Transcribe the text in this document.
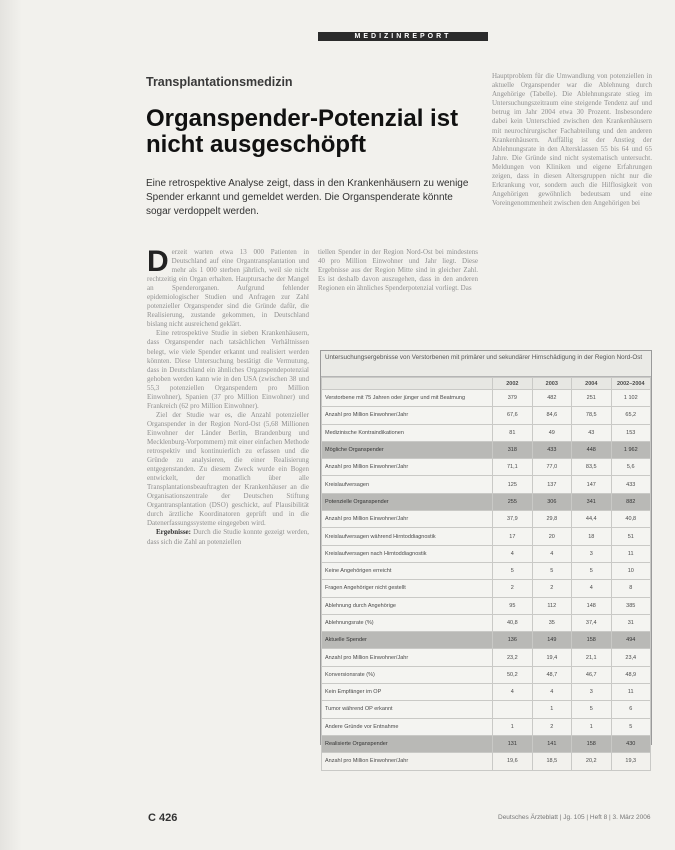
MEDIZINREPORT
Transplantationsmedizin
Organspender-Potenzial ist nicht ausgeschöpft
Eine retrospektive Analyse zeigt, dass in den Krankenhäusern zu wenige Spender erkannt und gemeldet werden. Die Organspenderate könnte sogar verdoppelt werden.

Hauptproblem für die Umwandlung von potenziellen in aktuelle Organspender war die Ablehnung durch Angehörige (Tabelle). Die Ablehnungsrate stieg im Untersuchungszeitraum eine steigende Tendenz auf und betrug im Jahr 2004 etwa 30 Prozent. Insbesondere dabei kein Unterschied zwischen den Krankenhäusern mit neurochirurgischer Fachabteilung und den anderen Krankenhäusern. Auffällig ist der Anstieg der Ablehnungsrate in den Altersklassen 55 bis 64 und 65 Jahre. Die Gründe sind nicht systematisch untersucht. Meldungen von Kliniken und eigene Erfahrungen zeigen, dass in diesen Altersgruppen nicht nur die Erkrankung vor, sondern auch die Hilflosigkeit von Angehörigen gewöhnlich bedeutsam und eine Voreingenommenheit zwischen den Angehörigen bei

Derzeit warten etwa 13 000 Patienten in Deutschland auf eine Organtransplantation und mehr als 1 000 sterben jährlich, weil sie nicht rechtzeitig ein Organ erhalten. Hauptursache der Mangel an Spenderorganen. Aufgrund fehlender epidemiologischer Studien und Anfragen zur Zahl potenzieller Organspender sind die Gründe dafür, die Realisierung, zustande gekommen, in Deutschland bislang nicht ausreichend geklärt.

Eine retrospektive Studie in sieben Krankenhäusern, dass Organspender nach tatsächlichen Verhältnissen belegt, wie viele Spender erkannt und realisiert werden könnten. Diese Untersuchung bestätigt die Vermutung, dass in Deutschland ein ähnliches Organspendepotenzial gehoben werden kann wie in den USA (zwischen 38 und 55,3 potenziellen Organspendern pro Million Einwohner), Spanien (37 pro Million Einwohner) und Frankreich (62 pro Million Einwohner).

Ziel der Studie war es, die Anzahl potenzieller Organspender in der Region Nord-Ost (5,68 Millionen Einwohner der Länder Berlin, Brandenburg und Mecklenburg-Vorpommern) mit einer einfachen Methode retrospektiv und kontinuierlich zu erfassen und die Gründe zu analysieren, die einer Realisierung entgegenstanden. Zu diesem Zweck wurde ein Bogen entwickelt, der monatlich über alle Transplantationsbeauftragten der Krankenhäuser an die Organisationszentrale der Deutschen Stiftung Organtransplantation (DSO) geschickt, auf Plausibilität durch ärztliche Koordinatoren geprüft und in die Datenerfassungssysteme eingegeben wird.

Ergebnisse: Durch die Studie konnte gezeigt werden, dass sich die Zahl an potenziellen

tiellen Spender in der Region Nord-Ost bei mindestens 40 pro Million Einwohner und Jahr liegt. Diese Ergebnisse aus der Region Mitte sind in gleicher Zahl. Es ist deshalb davon auszugehen, dass in den anderen Regionen ein ähnliches Spenderpotenzial vorliegt. Das

Untersuchungsergebnisse von Verstorbenen mit primärer und sekundärer Hirnschädigung in der Region Nord-Ost
	2002	2003	2004	2002–2004
Verstorbene mit 75 Jahren oder jünger und mit Beatmung	379	482	251	1 102
Anzahl pro Million Einwohner/Jahr	67,6	84,6	78,5	65,2
Medizinische Kontraindikationen	81	49	43	153
Mögliche Organspender	318	433	448	1 962
Anzahl pro Million Einwohner/Jahr	71,1	77,0	83,5	5,6
Kreislaufversagen	125	137	147	433
Potenzielle Organspender	255	306	341	882
Anzahl pro Million Einwohner/Jahr	37,9	29,8	44,4	40,8
Kreislaufversagen während Hirntoddiagnostik	17	20	18	51
Kreislaufversagen nach Hirntoddiagnostik	4	4	3	11
Keine Angehörigen erreicht	5	5	5	10
Fragen Angehöriger nicht gestellt	2	2	4	8
Ablehnung durch Angehörige	95	112	148	385
Ablehnungsrate (%)	40,8	35	37,4	31
Aktuelle Spender	136	149	158	494
Anzahl pro Million Einwohner/Jahr	23,2	19,4	21,1	23,4
Konversionsrate (%)	50,2	48,7	46,7	48,9
Kein Empfänger im OP	4	4	3	11
Tumor während OP erkannt		1	5	6
Andere Gründe vor Entnahme	1	2	1	5
Realisierte Organspender	131	141	158	430
Anzahl pro Million Einwohner/Jahr	19,6	18,5	20,2	19,3
C 426	Deutsches Ärzteblatt | Jg. 105 | Heft 8 | 3. März 2006
